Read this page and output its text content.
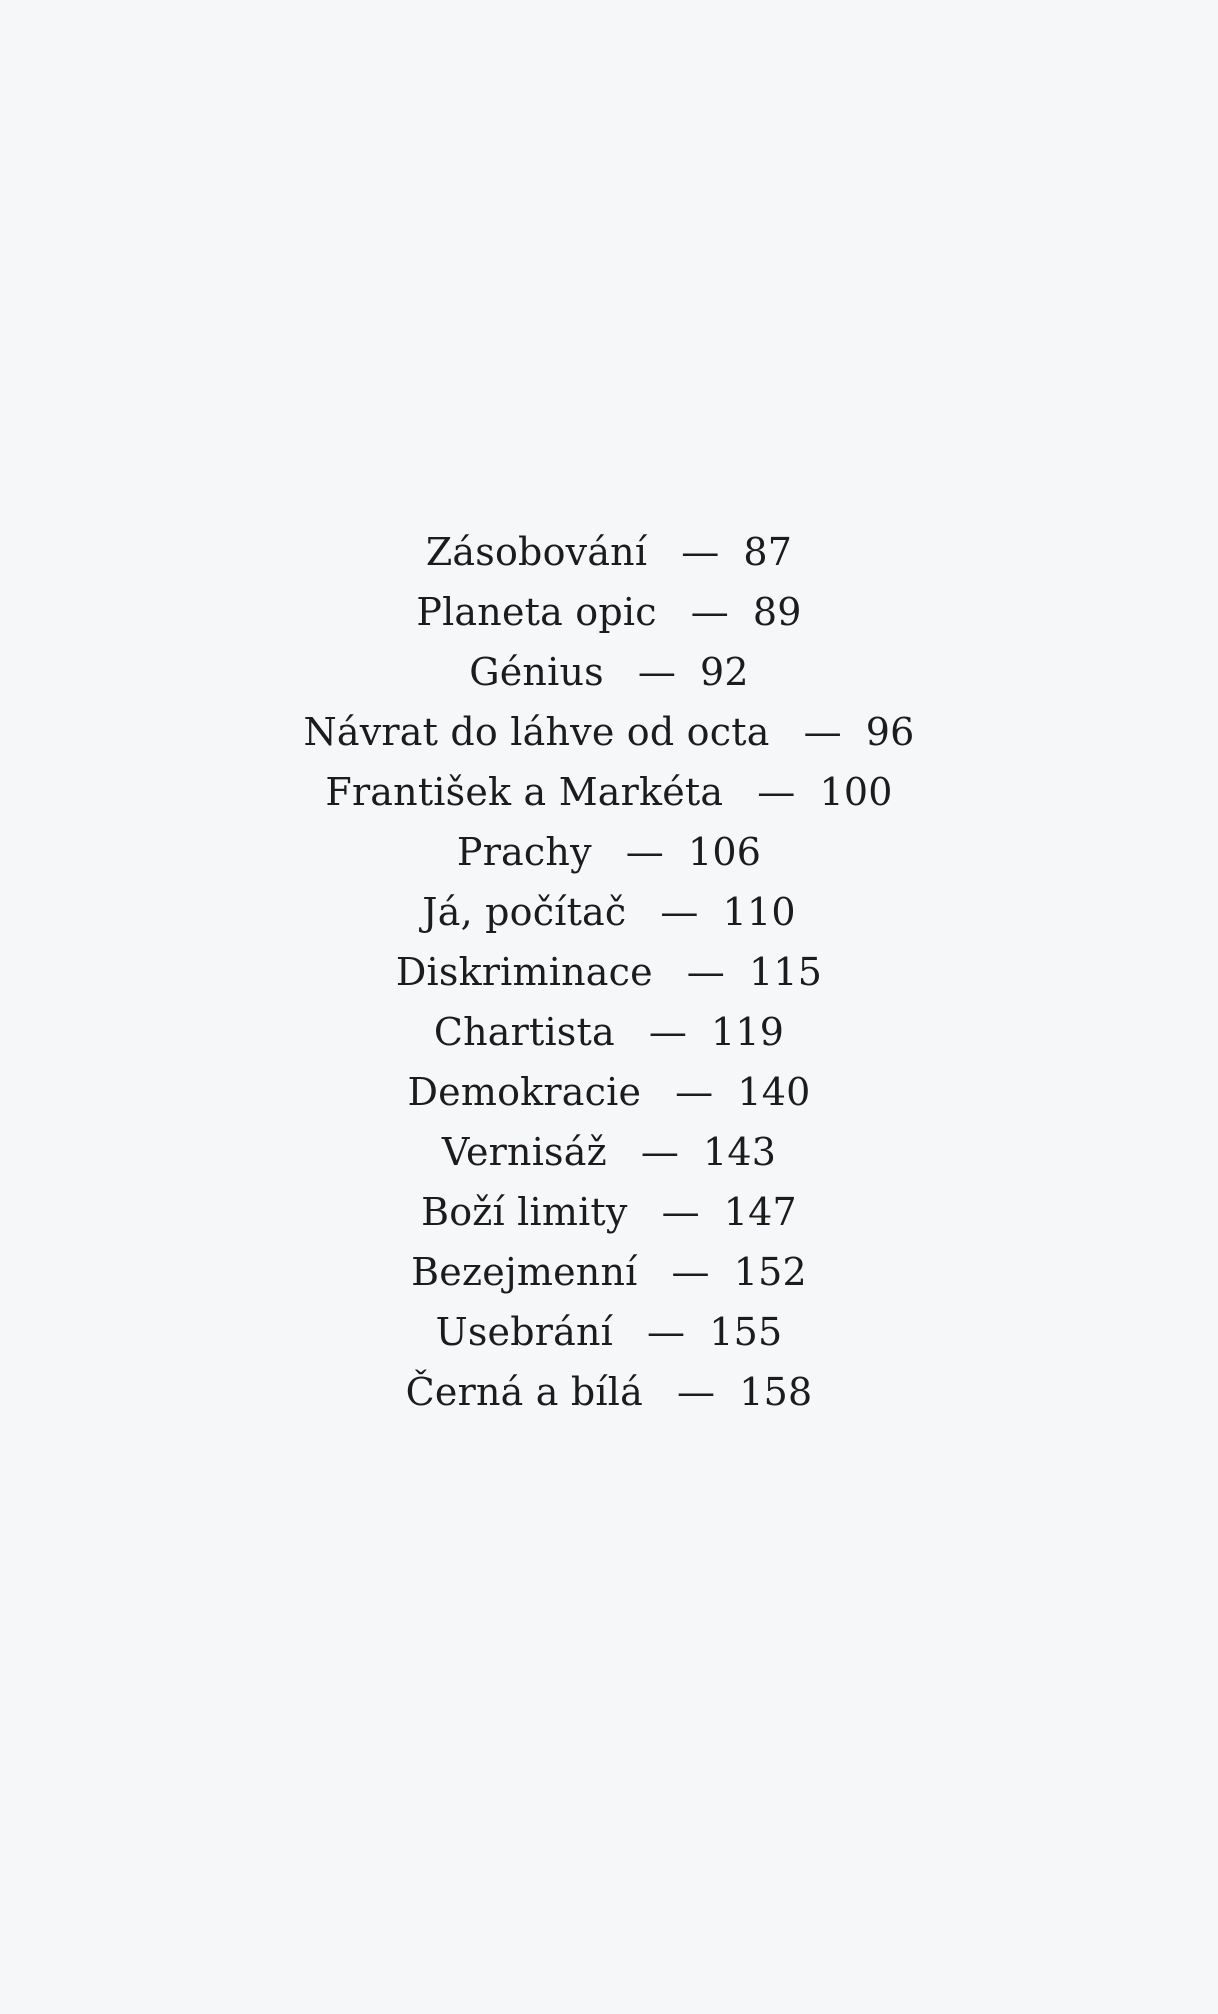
Zásobování — 87
Planeta opic — 89
Génius — 92
Návrat do láhve od octa — 96
František a Markéta — 100
Prachy — 106
Já, počítač — 110
Diskriminace — 115
Chartista — 119
Demokracie — 140
Vernisáž — 143
Boží limity — 147
Bezejmenní — 152
Usebrání — 155
Černá a bílá — 158
